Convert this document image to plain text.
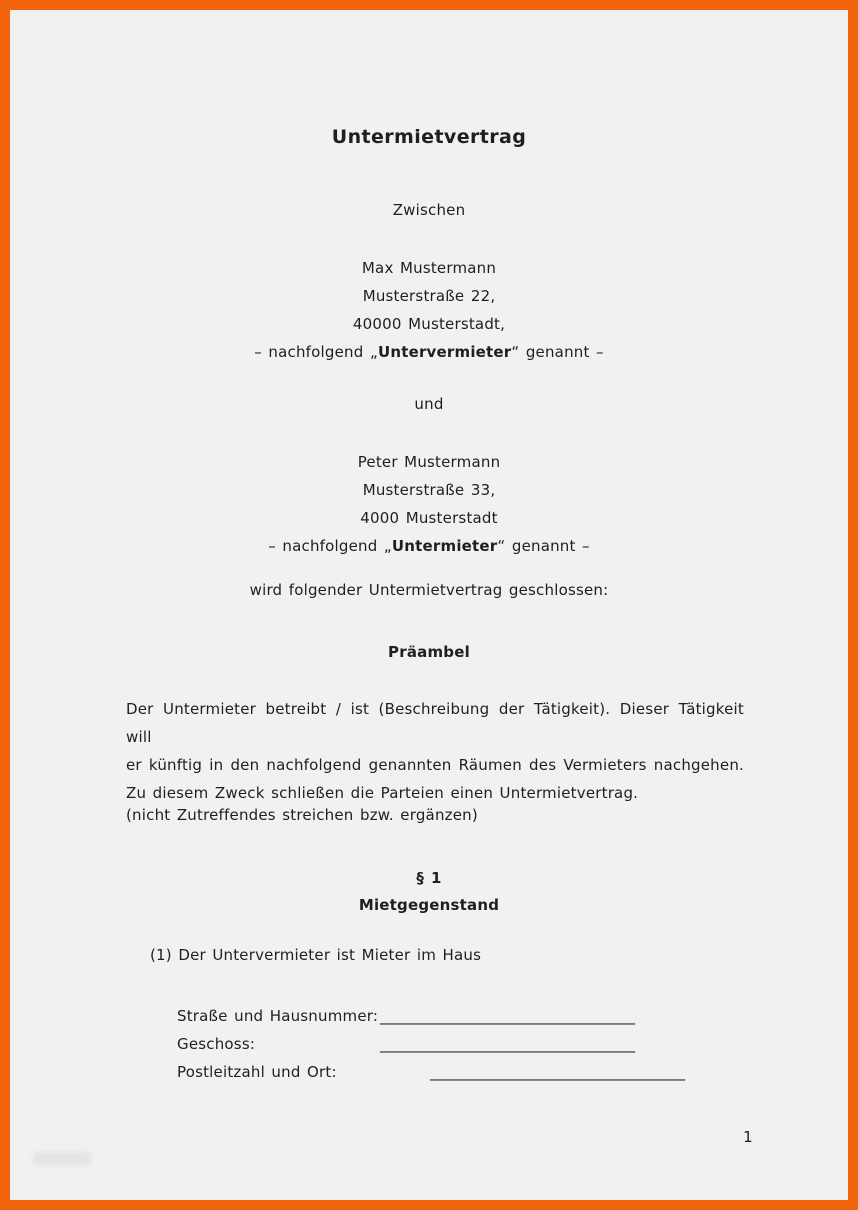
Untermietvertrag
Zwischen
Max Mustermann
Musterstraße 22,
40000 Musterstadt,
– nachfolgend „Untervermieter“ genannt –
und
Peter Mustermann
Musterstraße 33,
4000 Musterstadt
– nachfolgend „Untermieter“ genannt –
wird folgender Untermietvertrag geschlossen:
Präambel
Der Untermieter betreibt / ist (Beschreibung der Tätigkeit). Dieser Tätigkeit will
er künftig in den nachfolgend genannten Räumen des Vermieters nachgehen.
Zu diesem Zweck schließen die Parteien einen Untermietvertrag.
(nicht Zutreffendes streichen bzw. ergänzen)
§ 1
Mietgegenstand
(1) Der Untervermieter ist Mieter im Haus
Straße und Hausnummer: __________________________________
Geschoss:	__________________________________
Postleitzahl und Ort:	__________________________________
1
